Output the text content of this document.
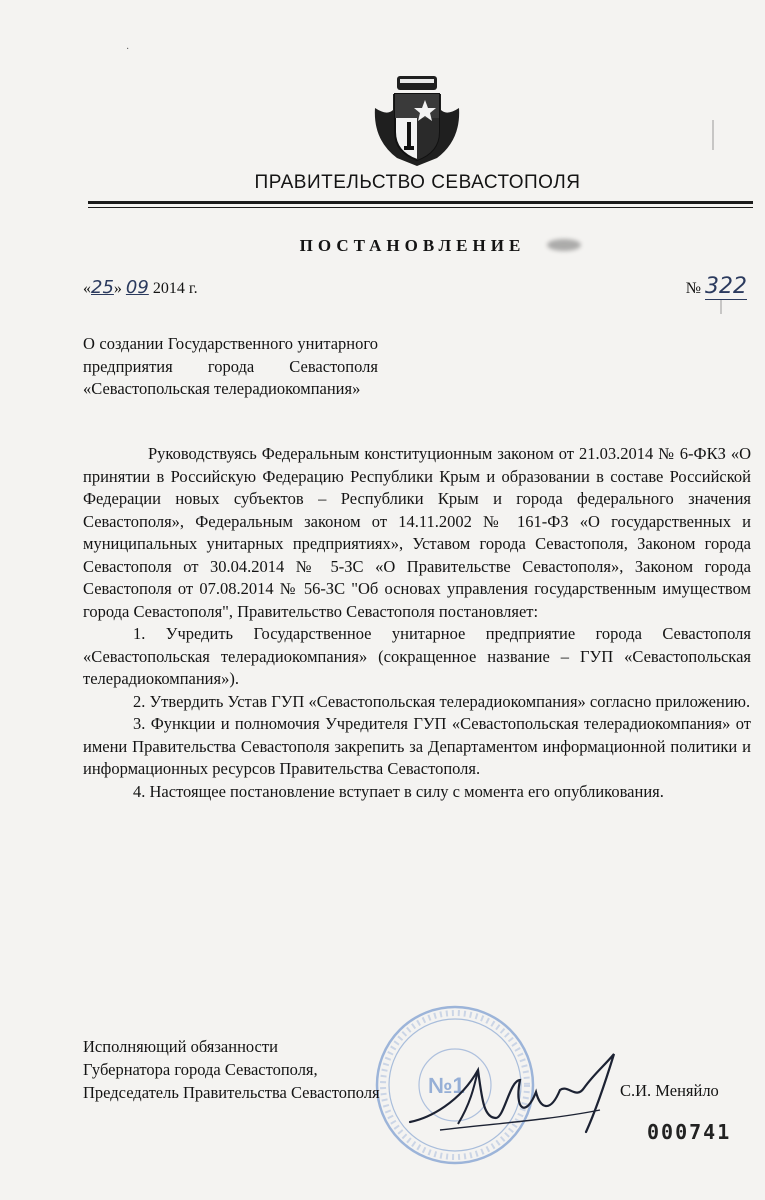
·
ПРАВИТЕЛЬСТВО СЕВАСТОПОЛЯ
ПОСТАНОВЛЕНИЕ
«25» 09 2014 г.	№ 322
О создании Государственного унитарного предприятия города Севастополя «Севастопольская телерадиокомпания»

Руководствуясь Федеральным конституционным законом от 21.03.2014 № 6-ФКЗ «О принятии в Российскую Федерацию Республики Крым и образовании в составе Российской Федерации новых субъектов – Республики Крым и города федерального значения Севастополя», Федеральным законом от 14.11.2002 № 161-ФЗ «О государственных и муниципальных унитарных предприятиях», Уставом города Севастополя, Законом города Севастополя от 30.04.2014 № 5-ЗС «О Правительстве Севастополя», Законом города Севастополя от 07.08.2014 № 56-ЗС "Об основах управления государственным имуществом города Севастополя", Правительство Севастополя постановляет:

1. Учредить Государственное унитарное предприятие города Севастополя «Севастопольская телерадиокомпания» (сокращенное название – ГУП «Севастопольская телерадиокомпания»).

2. Утвердить Устав ГУП «Севастопольская телерадиокомпания» согласно приложению.

3. Функции и полномочия Учредителя ГУП «Севастопольская телерадиокомпания» от имени Правительства Севастополя закрепить за Департаментом информационной политики и информационных ресурсов Правительства Севастополя.

4. Настоящее постановление вступает в силу с момента его опубликования.

№1
Исполняющий обязанности
Губернатора города Севастополя,
Председатель Правительства Севастополя	С.И. Меняйло
000741
